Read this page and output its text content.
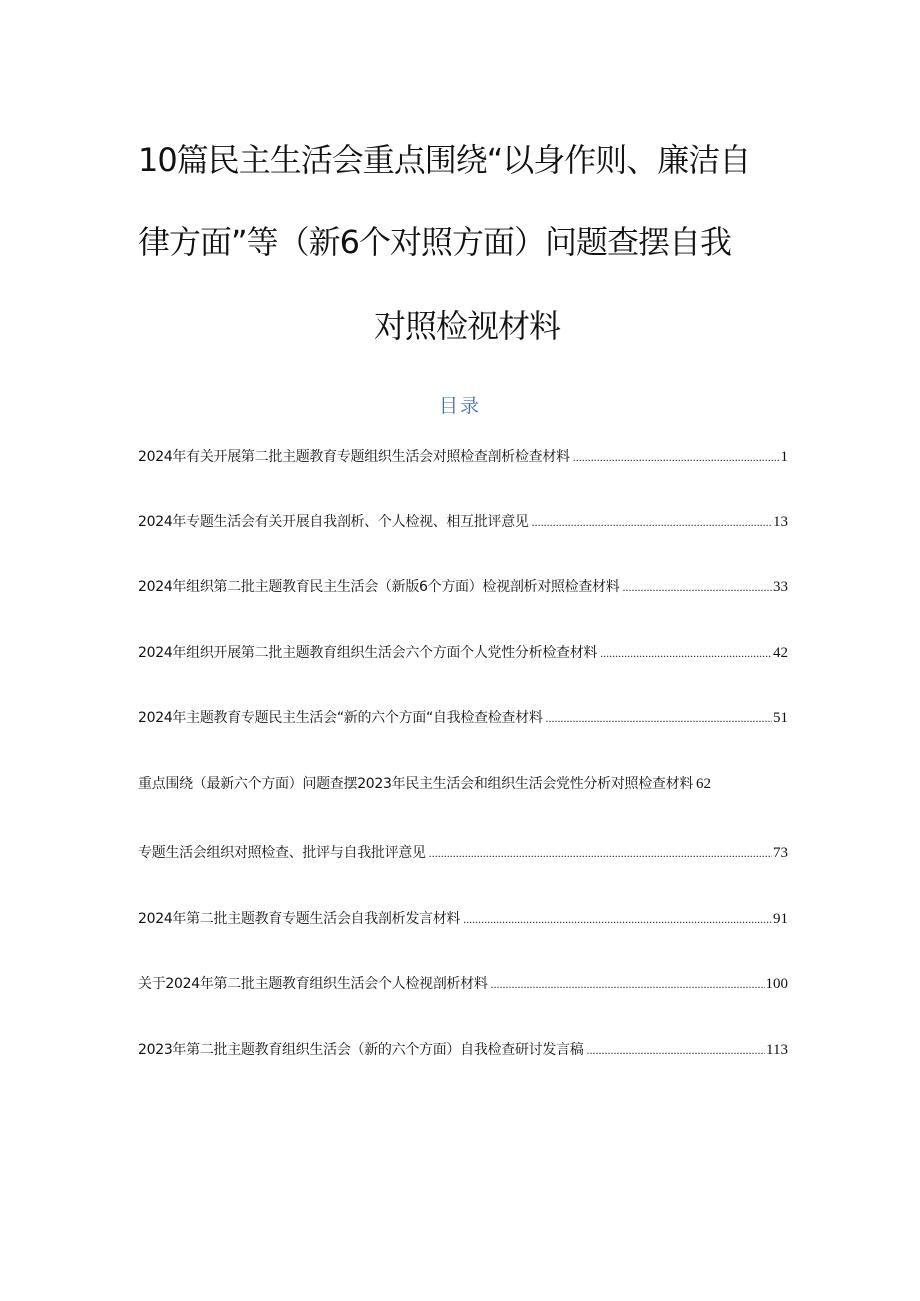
10篇民主生活会重点围绕“以身作则、廉洁自
律方面”等（新6个对照方面）问题查摆自我
对照检视材料
目录
2024年有关开展第二批主题教育专题组织生活会对照检查剖析检查材料 .....	1
2024年专题生活会有关开展自我剖析、个人检视、相互批评意见 .....	13
2024年组织第二批主题教育民主生活会（新版6个方面）检视剖析对照检查材料 .....	33
2024年组织开展第二批主题教育组织生活会六个方面个人党性分析检查材料 .....	42
2024年主题教育专题民主生活会“新的六个方面“自我检查检查材料 .....	51
重点围绕（最新六个方面）问题查摆2023年民主生活会和组织生活会党性分析对照检查材料 62
专题生活会组织对照检查、批评与自我批评意见 .....	73
2024年第二批主题教育专题生活会自我剖析发言材料 .....	91
关于2024年第二批主题教育组织生活会个人检视剖析材料 .....	100
2023年第二批主题教育组织生活会（新的六个方面）自我检查研讨发言稿 .....	113
